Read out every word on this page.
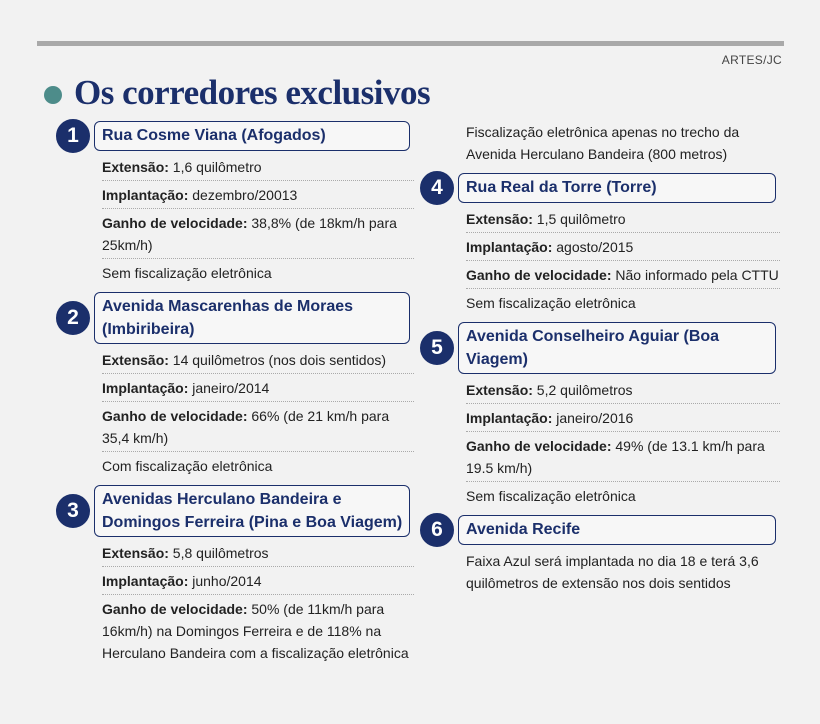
ARTES/JC
Os corredores exclusivos
Rua Cosme Viana (Afogados)
1
Extensão: 1,6 quilômetro
Implantação: dezembro/20013
Ganho de velocidade: 38,8% (de 18km/h para 25km/h)
Sem fiscalização eletrônica
Avenida Mascarenhas de Moraes (Imbiribeira)
2
Extensão: 14 quilômetros (nos dois sentidos)
Implantação: janeiro/2014
Ganho de velocidade: 66% (de 21 km/h para 35,4 km/h)
Com fiscalização eletrônica
Avenidas Herculano Bandeira e Domingos Ferreira (Pina e Boa Viagem)
3
Extensão: 5,8 quilômetros
Implantação: junho/2014
Ganho de velocidade: 50% (de 11km/h para 16km/h) na Domingos Ferreira e de 118% na Herculano Bandeira com a fiscalização eletrônica
Fiscalização eletrônica apenas no trecho da Avenida Herculano Bandeira (800 metros)
Rua Real da Torre (Torre)
4
Extensão: 1,5 quilômetro
Implantação: agosto/2015
Ganho de velocidade: Não informado pela CTTU
Sem fiscalização eletrônica
Avenida Conselheiro Aguiar (Boa Viagem)
5
Extensão: 5,2 quilômetros
Implantação: janeiro/2016
Ganho de velocidade: 49% (de 13.1 km/h para 19.5 km/h)
Sem fiscalização eletrônica
Avenida Recife
6
Faixa Azul será implantada no dia 18 e terá 3,6 quilômetros de extensão nos dois sentidos
